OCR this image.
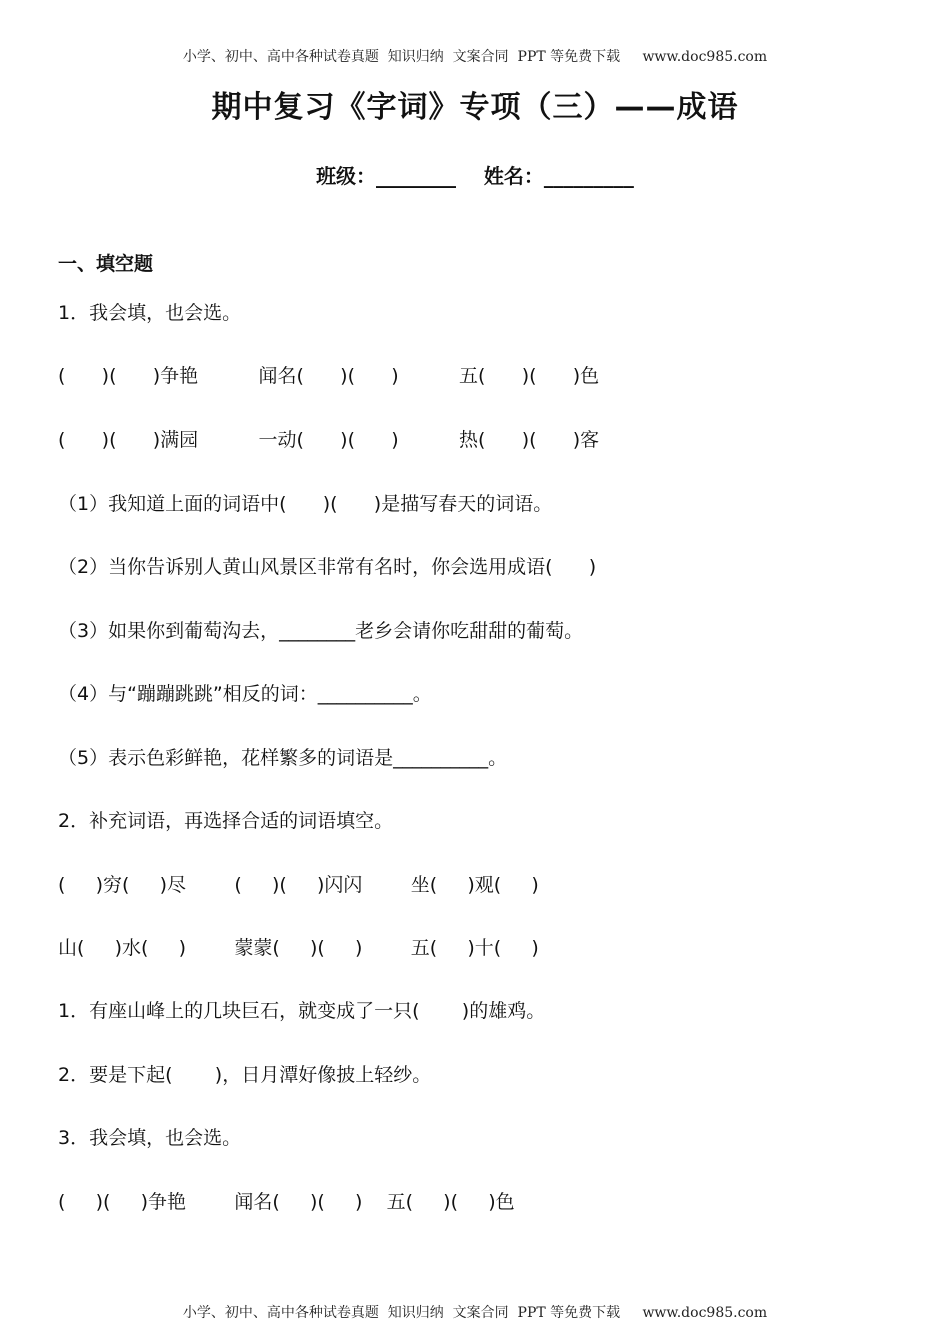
小学、初中、高中各种试卷真题  知识归纳  文案合同  PPT 等免费下载     www.doc985.com
期中复习《字词》专项（三）——成语
班级：________    姓名：_________
一、填空题
1．我会填，也会选。
(      )(      )争艳          闻名(      )(      )          五(      )(      )色
(      )(      )满园          一动(      )(      )          热(      )(      )客
（1）我知道上面的词语中(      )(      )是描写春天的词语。
（2）当你告诉别人黄山风景区非常有名时，你会选用成语(      )
（3）如果你到葡萄沟去，________老乡会请你吃甜甜的葡萄。
（4）与“蹦蹦跳跳”相反的词：__________。
（5）表示色彩鲜艳，花样繁多的词语是__________。
2．补充词语，再选择合适的词语填空。
(     )穷(     )尽        (     )(     )闪闪        坐(     )观(     )
山(     )水(     )        蒙蒙(     )(     )        五(     )十(     )
1．有座山峰上的几块巨石，就变成了一只(       )的雄鸡。
2．要是下起(       )，日月潭好像披上轻纱。
3．我会填，也会选。
(     )(     )争艳        闻名(     )(     )    五(     )(     )色
小学、初中、高中各种试卷真题  知识归纳  文案合同  PPT 等免费下载     www.doc985.com
